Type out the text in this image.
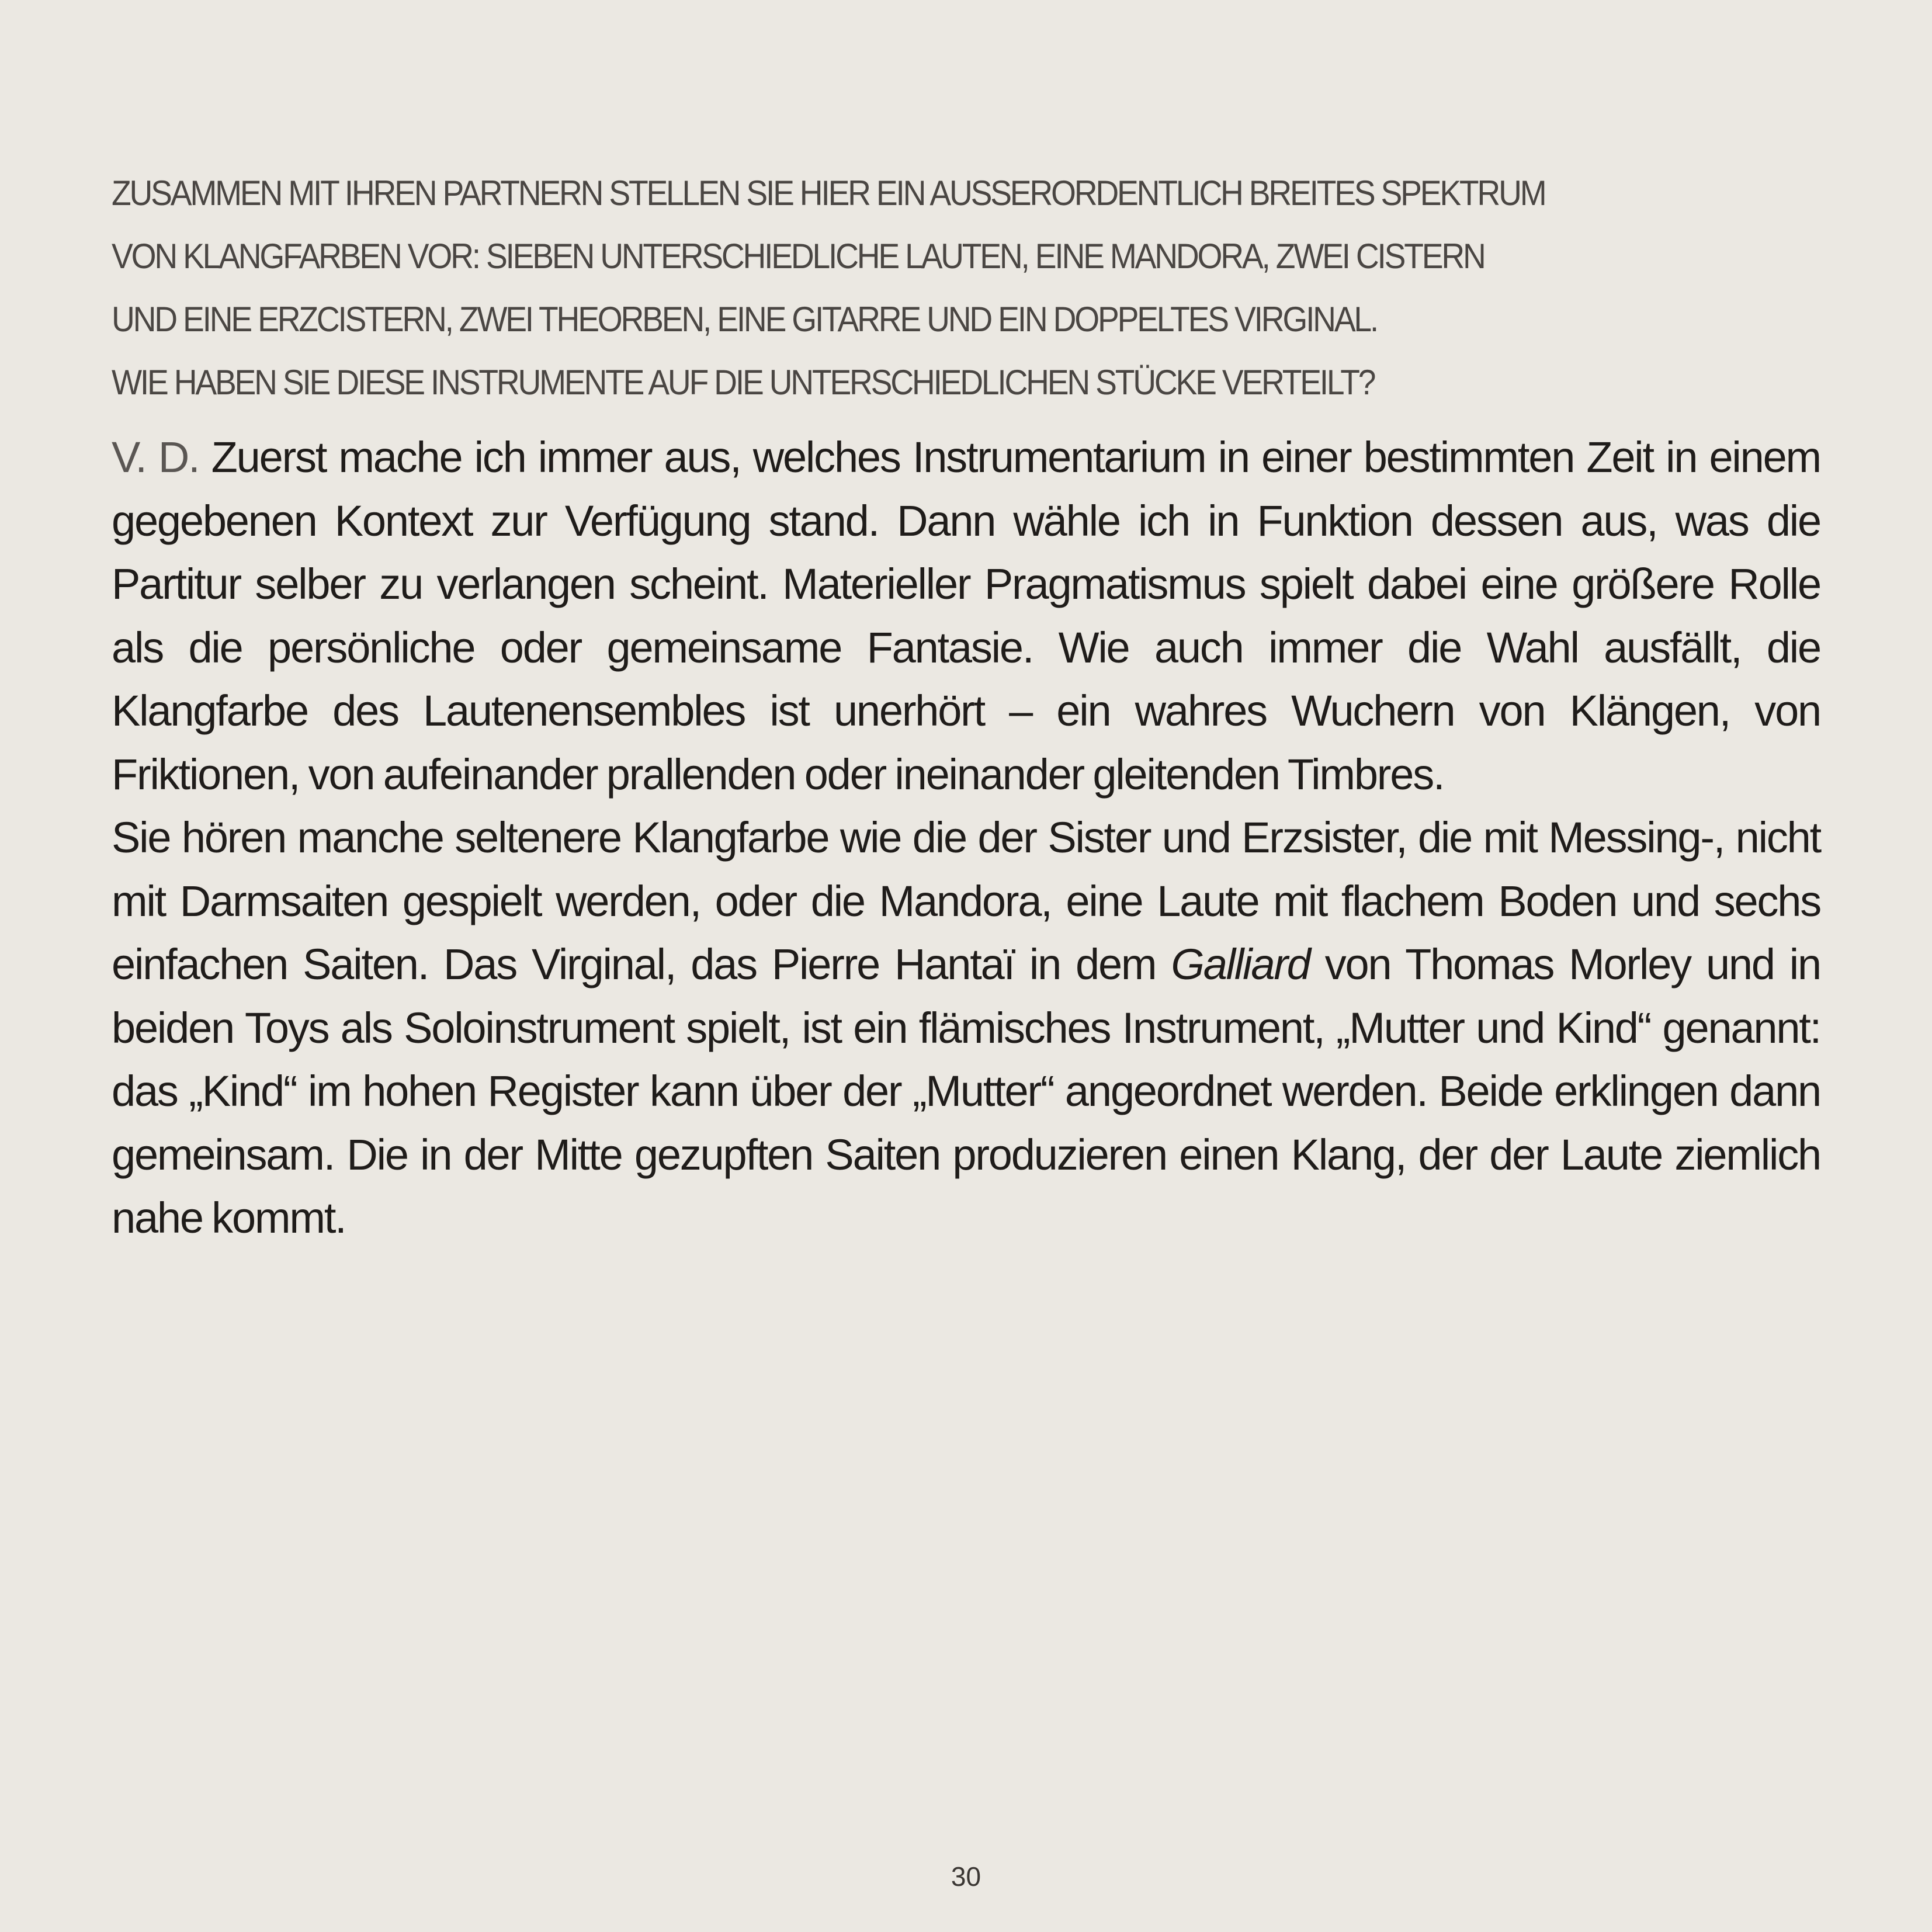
ZUSAMMEN MIT IHREN PARTNERN STELLEN SIE HIER EIN AUSSERORDENTLICH BREITES SPEKTRUM
VON KLANGFARBEN VOR: SIEBEN UNTERSCHIEDLICHE LAUTEN, EINE MANDORA, ZWEI CISTERN
UND EINE ERZCISTERN, ZWEI THEORBEN, EINE GITARRE UND EIN DOPPELTES VIRGINAL.
WIE HABEN SIE DIESE INSTRUMENTE AUF DIE UNTERSCHIEDLICHEN STÜCKE VERTEILT?

V. D. Zuerst mache ich immer aus, welches Instrumentarium in einer bestimmten Zeit in einem gegebenen Kontext zur Verfügung stand. Dann wähle ich in Funktion dessen aus, was die Partitur selber zu verlangen scheint. Materieller Pragmatismus spielt dabei eine größere Rolle als die persönliche oder gemeinsame Fantasie. Wie auch immer die Wahl ausfällt, die Klangfarbe des Lautenensembles ist unerhört – ein wahres Wuchern von Klängen, von Friktionen, von aufeinander prallenden oder ineinander gleitenden Timbres.

Sie hören manche seltenere Klangfarbe wie die der Sister und Erzsister, die mit Messing-, nicht mit Darmsaiten gespielt werden, oder die Mandora, eine Laute mit flachem Boden und sechs einfachen Saiten. Das Virginal, das Pierre Hantaï in dem Galliard von Thomas Morley und in beiden Toys als Soloinstrument spielt, ist ein flämisches Instrument, „Mutter und Kind“ genannt: das „Kind“ im hohen Register kann über der „Mutter“ angeordnet werden. Beide erklingen dann gemeinsam. Die in der Mitte gezupften Saiten produzieren einen Klang, der der Laute ziemlich nahe kommt.

30
